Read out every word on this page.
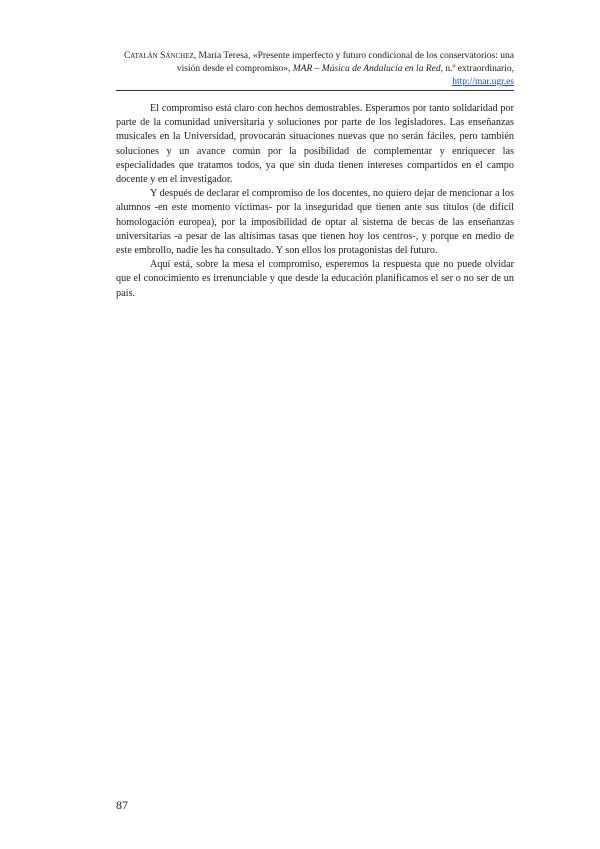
Catalán Sánchez, María Teresa, «Presente imperfecto y futuro condicional de los conservatorios: una visión desde el compromiso», MAR – Música de Andalucía en la Red, n.º extraordinario, http://mar.ugr.es

El compromiso está claro con hechos demostrables. Esperamos por tanto solidaridad por parte de la comunidad universitaria y soluciones por parte de los legisladores. Las enseñanzas musicales en la Universidad, provocarán situaciones nuevas que no serán fáciles, pero también soluciones y un avance común por la posibilidad de complementar y enriquecer las especialidades que tratamos todos, ya que sin duda tienen intereses compartidos en el campo docente y en el investigador.

Y después de declarar el compromiso de los docentes, no quiero dejar de mencionar a los alumnos -en este momento víctimas- por la inseguridad que tienen ante sus títulos (de difícil homologación europea), por la imposibilidad de optar al sistema de becas de las enseñanzas universitarias -a pesar de las altísimas tasas que tienen hoy los centros-, y porque en medio de este embrollo, nadie les ha consultado. Y son ellos los protagonistas del futuro.

Aquí está, sobre la mesa el compromiso, esperemos la respuesta que no puede olvidar que el conocimiento es irrenunciable y que desde la educación planificamos el ser o no ser de un país.

87
